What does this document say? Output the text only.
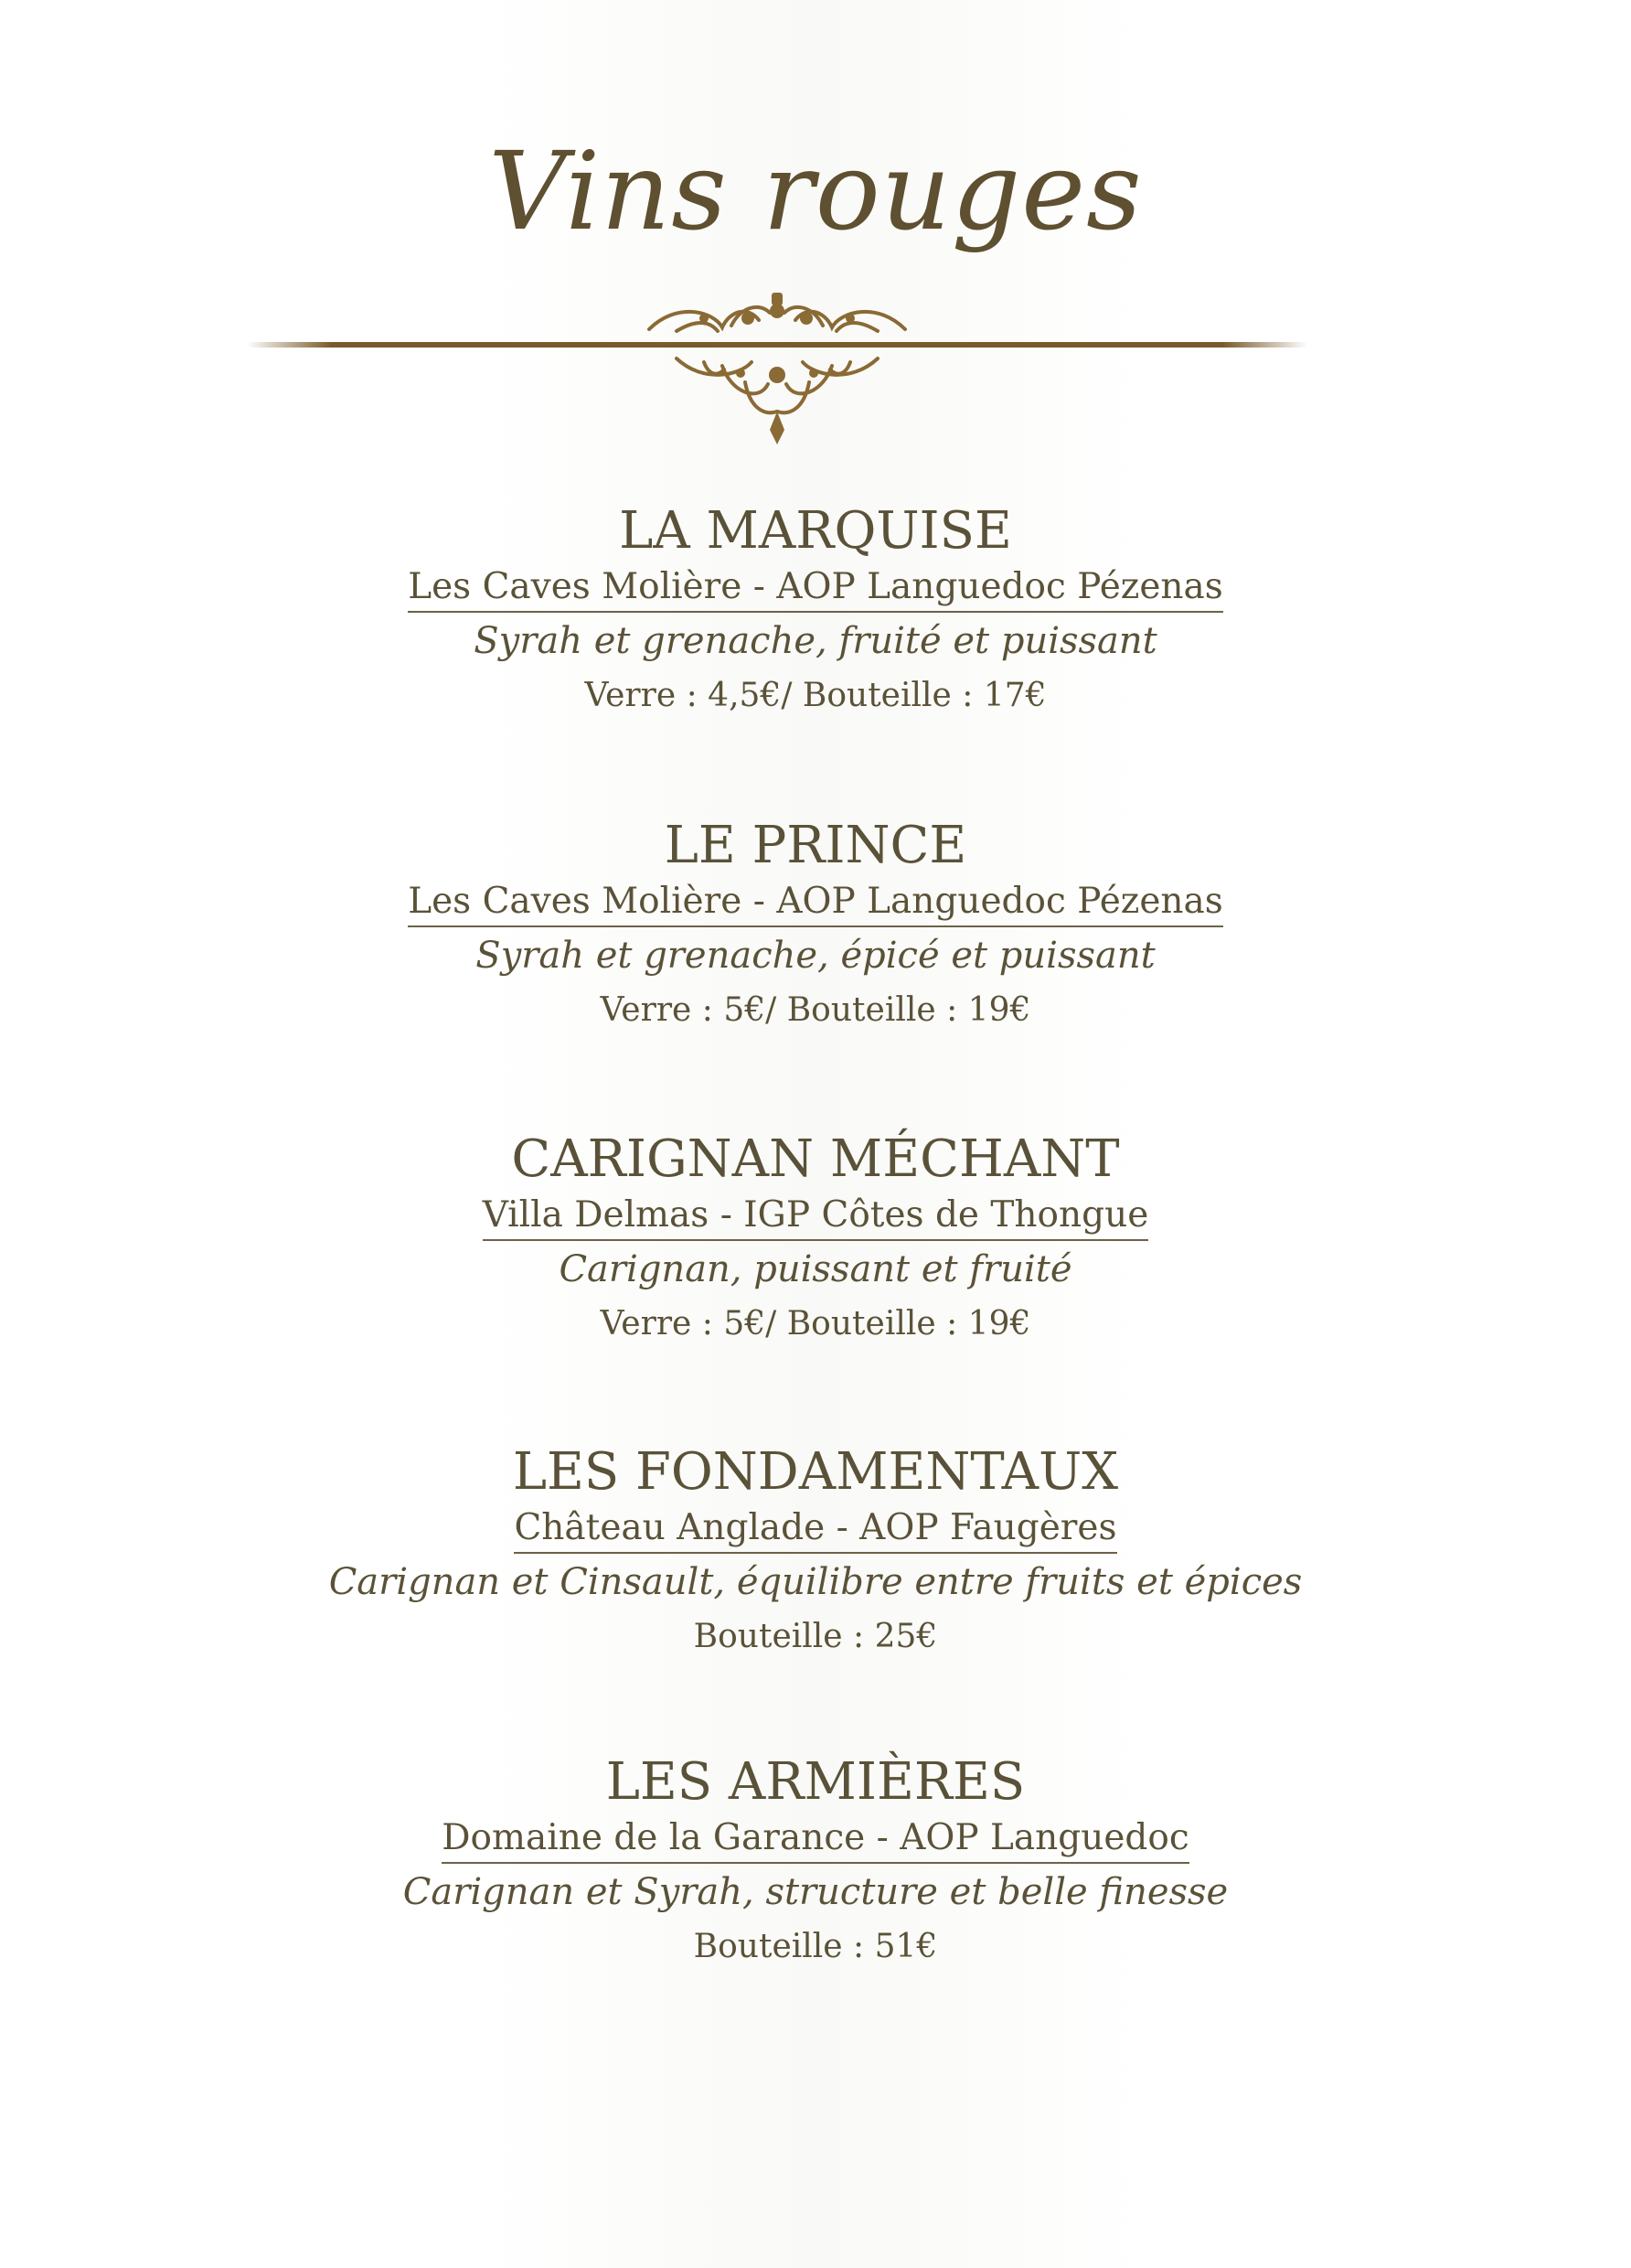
Vins rouges
LA MARQUISE
Les Caves Molière - AOP Languedoc Pézenas
Syrah et grenache, fruité et puissant
Verre : 4,5€/ Bouteille : 17€
LE PRINCE
Les Caves Molière - AOP Languedoc Pézenas
Syrah et grenache, épicé et puissant
Verre : 5€/ Bouteille : 19€
CARIGNAN MÉCHANT
Villa Delmas - IGP Côtes de Thongue
Carignan, puissant et fruité
Verre : 5€/ Bouteille : 19€
LES FONDAMENTAUX
Château Anglade - AOP Faugères
Carignan et Cinsault, équilibre entre fruits et épices
Bouteille : 25€
LES ARMIÈRES
Domaine de la Garance - AOP Languedoc
Carignan et Syrah, structure et belle finesse
Bouteille : 51€
